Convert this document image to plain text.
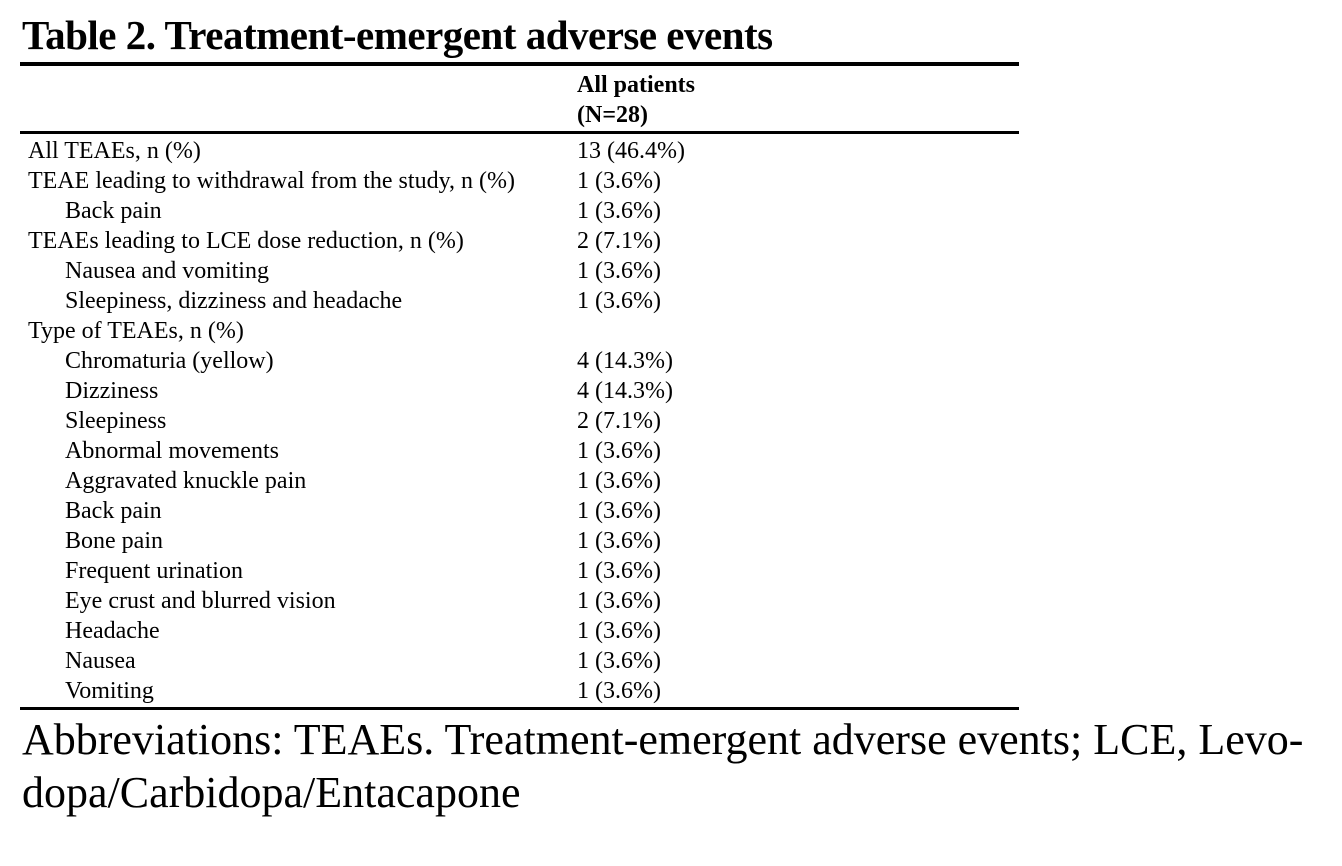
Table 2. Treatment-emergent adverse events
All patients
(N=28)
All TEAEs, n (%)	13 (46.4%)
TEAE leading to withdrawal from the study, n (%)	1 (3.6%)
Back pain	1 (3.6%)
TEAEs leading to LCE dose reduction, n (%)	2 (7.1%)
Nausea and vomiting	1 (3.6%)
Sleepiness, dizziness and headache	1 (3.6%)
Type of TEAEs, n (%)
Chromaturia (yellow)	4 (14.3%)
Dizziness	4 (14.3%)
Sleepiness	2 (7.1%)
Abnormal movements	1 (3.6%)
Aggravated knuckle pain	1 (3.6%)
Back pain	1 (3.6%)
Bone pain	1 (3.6%)
Frequent urination	1 (3.6%)
Eye crust and blurred vision	1 (3.6%)
Headache	1 (3.6%)
Nausea	1 (3.6%)
Vomiting	1 (3.6%)
Abbreviations: TEAEs. Treatment-emergent adverse events; LCE, Levo-
dopa/Carbidopa/Entacapone
